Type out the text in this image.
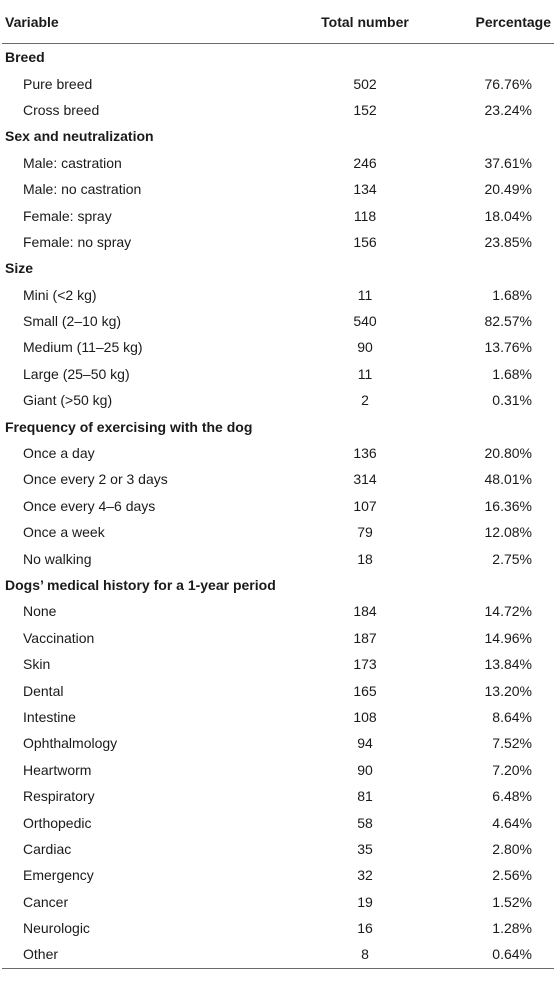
Variable	Total number	Percentage
Breed		
Pure breed	502	76.76%
Cross breed	152	23.24%
Sex and neutralization		
Male: castration	246	37.61%
Male: no castration	134	20.49%
Female: spray	118	18.04%
Female: no spray	156	23.85%
Size		
Mini (<2 kg)	11	1.68%
Small (2–10 kg)	540	82.57%
Medium (11–25 kg)	90	13.76%
Large (25–50 kg)	11	1.68%
Giant (>50 kg)	2	0.31%
Frequency of exercising with the dog		
Once a day	136	20.80%
Once every 2 or 3 days	314	48.01%
Once every 4–6 days	107	16.36%
Once a week	79	12.08%
No walking	18	2.75%
Dogs’ medical history for a 1-year period		
None	184	14.72%
Vaccination	187	14.96%
Skin	173	13.84%
Dental	165	13.20%
Intestine	108	8.64%
Ophthalmology	94	7.52%
Heartworm	90	7.20%
Respiratory	81	6.48%
Orthopedic	58	4.64%
Cardiac	35	2.80%
Emergency	32	2.56%
Cancer	19	1.52%
Neurologic	16	1.28%
Other	8	0.64%
